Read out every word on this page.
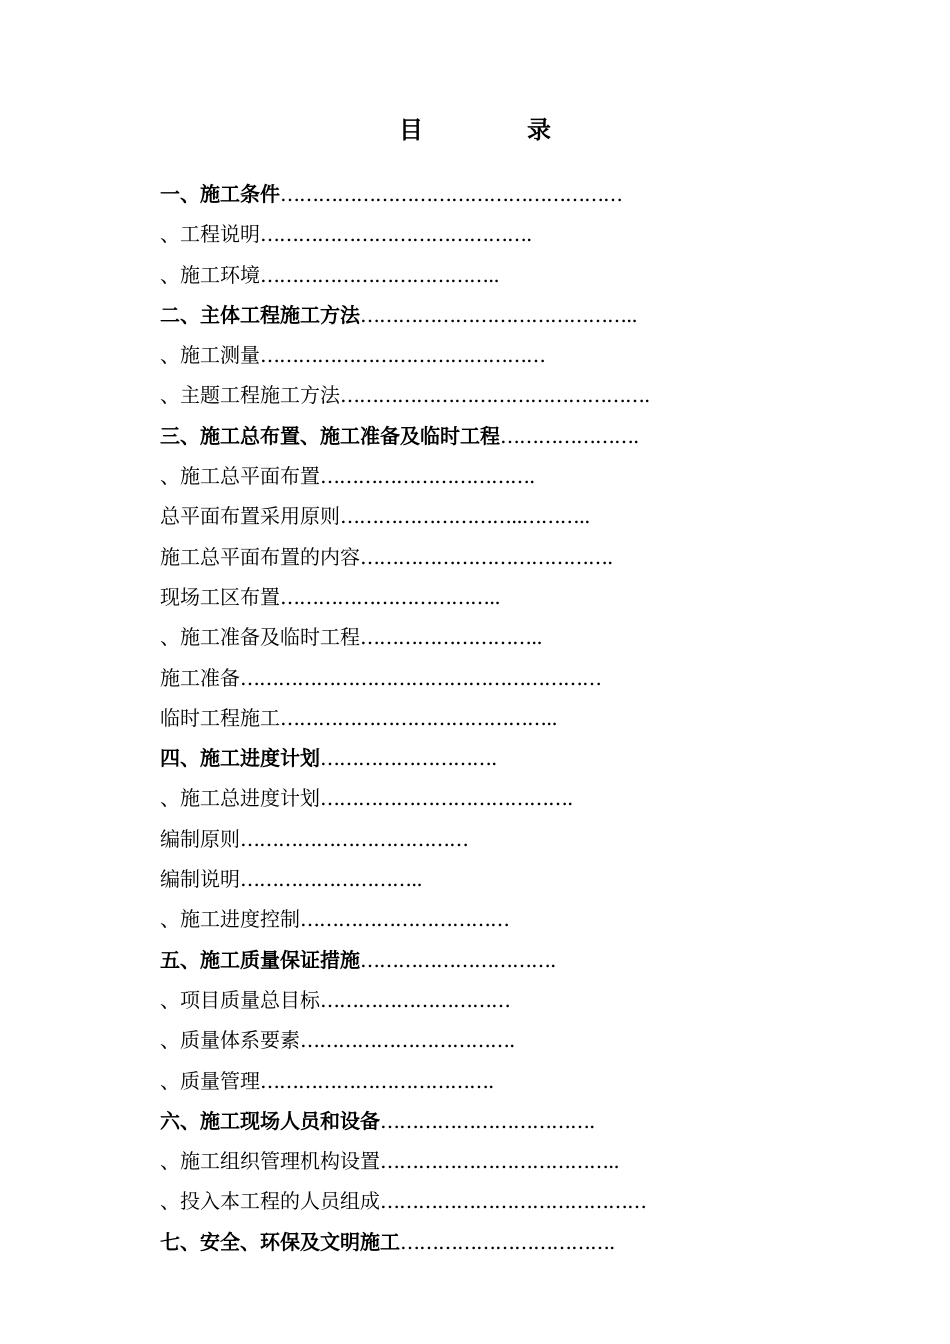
目　录
一、施工条件………………………………………………
、工程说明…………………………………….
、施工环境………………………………..
二、主体工程施工方法……………………………………..
、施工测量………………………………………
、主题工程施工方法………………………………………….
三、施工总布置、施工准备及临时工程………………….
、施工总平面布置…………………………….
总平面布置采用原则………………………..………..
施工总平面布置的内容………………………………….
现场工区布置……………………………..
、施工准备及临时工程………………………..
施工准备…………………………………………………
临时工程施工……………………………………..
四、施工进度计划……………………….
、施工总进度计划………………………………….
编制原则………………………………
编制说明………………………..
、施工进度控制……………………………
五、施工质量保证措施………………………….
、项目质量总目标…………………………
、质量体系要素…………………………….
、质量管理……………………………….
六、施工现场人员和设备…………………………….
、施工组织管理机构设置………………………………..
、投入本工程的人员组成……………………………………
七、安全、环保及文明施工…………………………….
